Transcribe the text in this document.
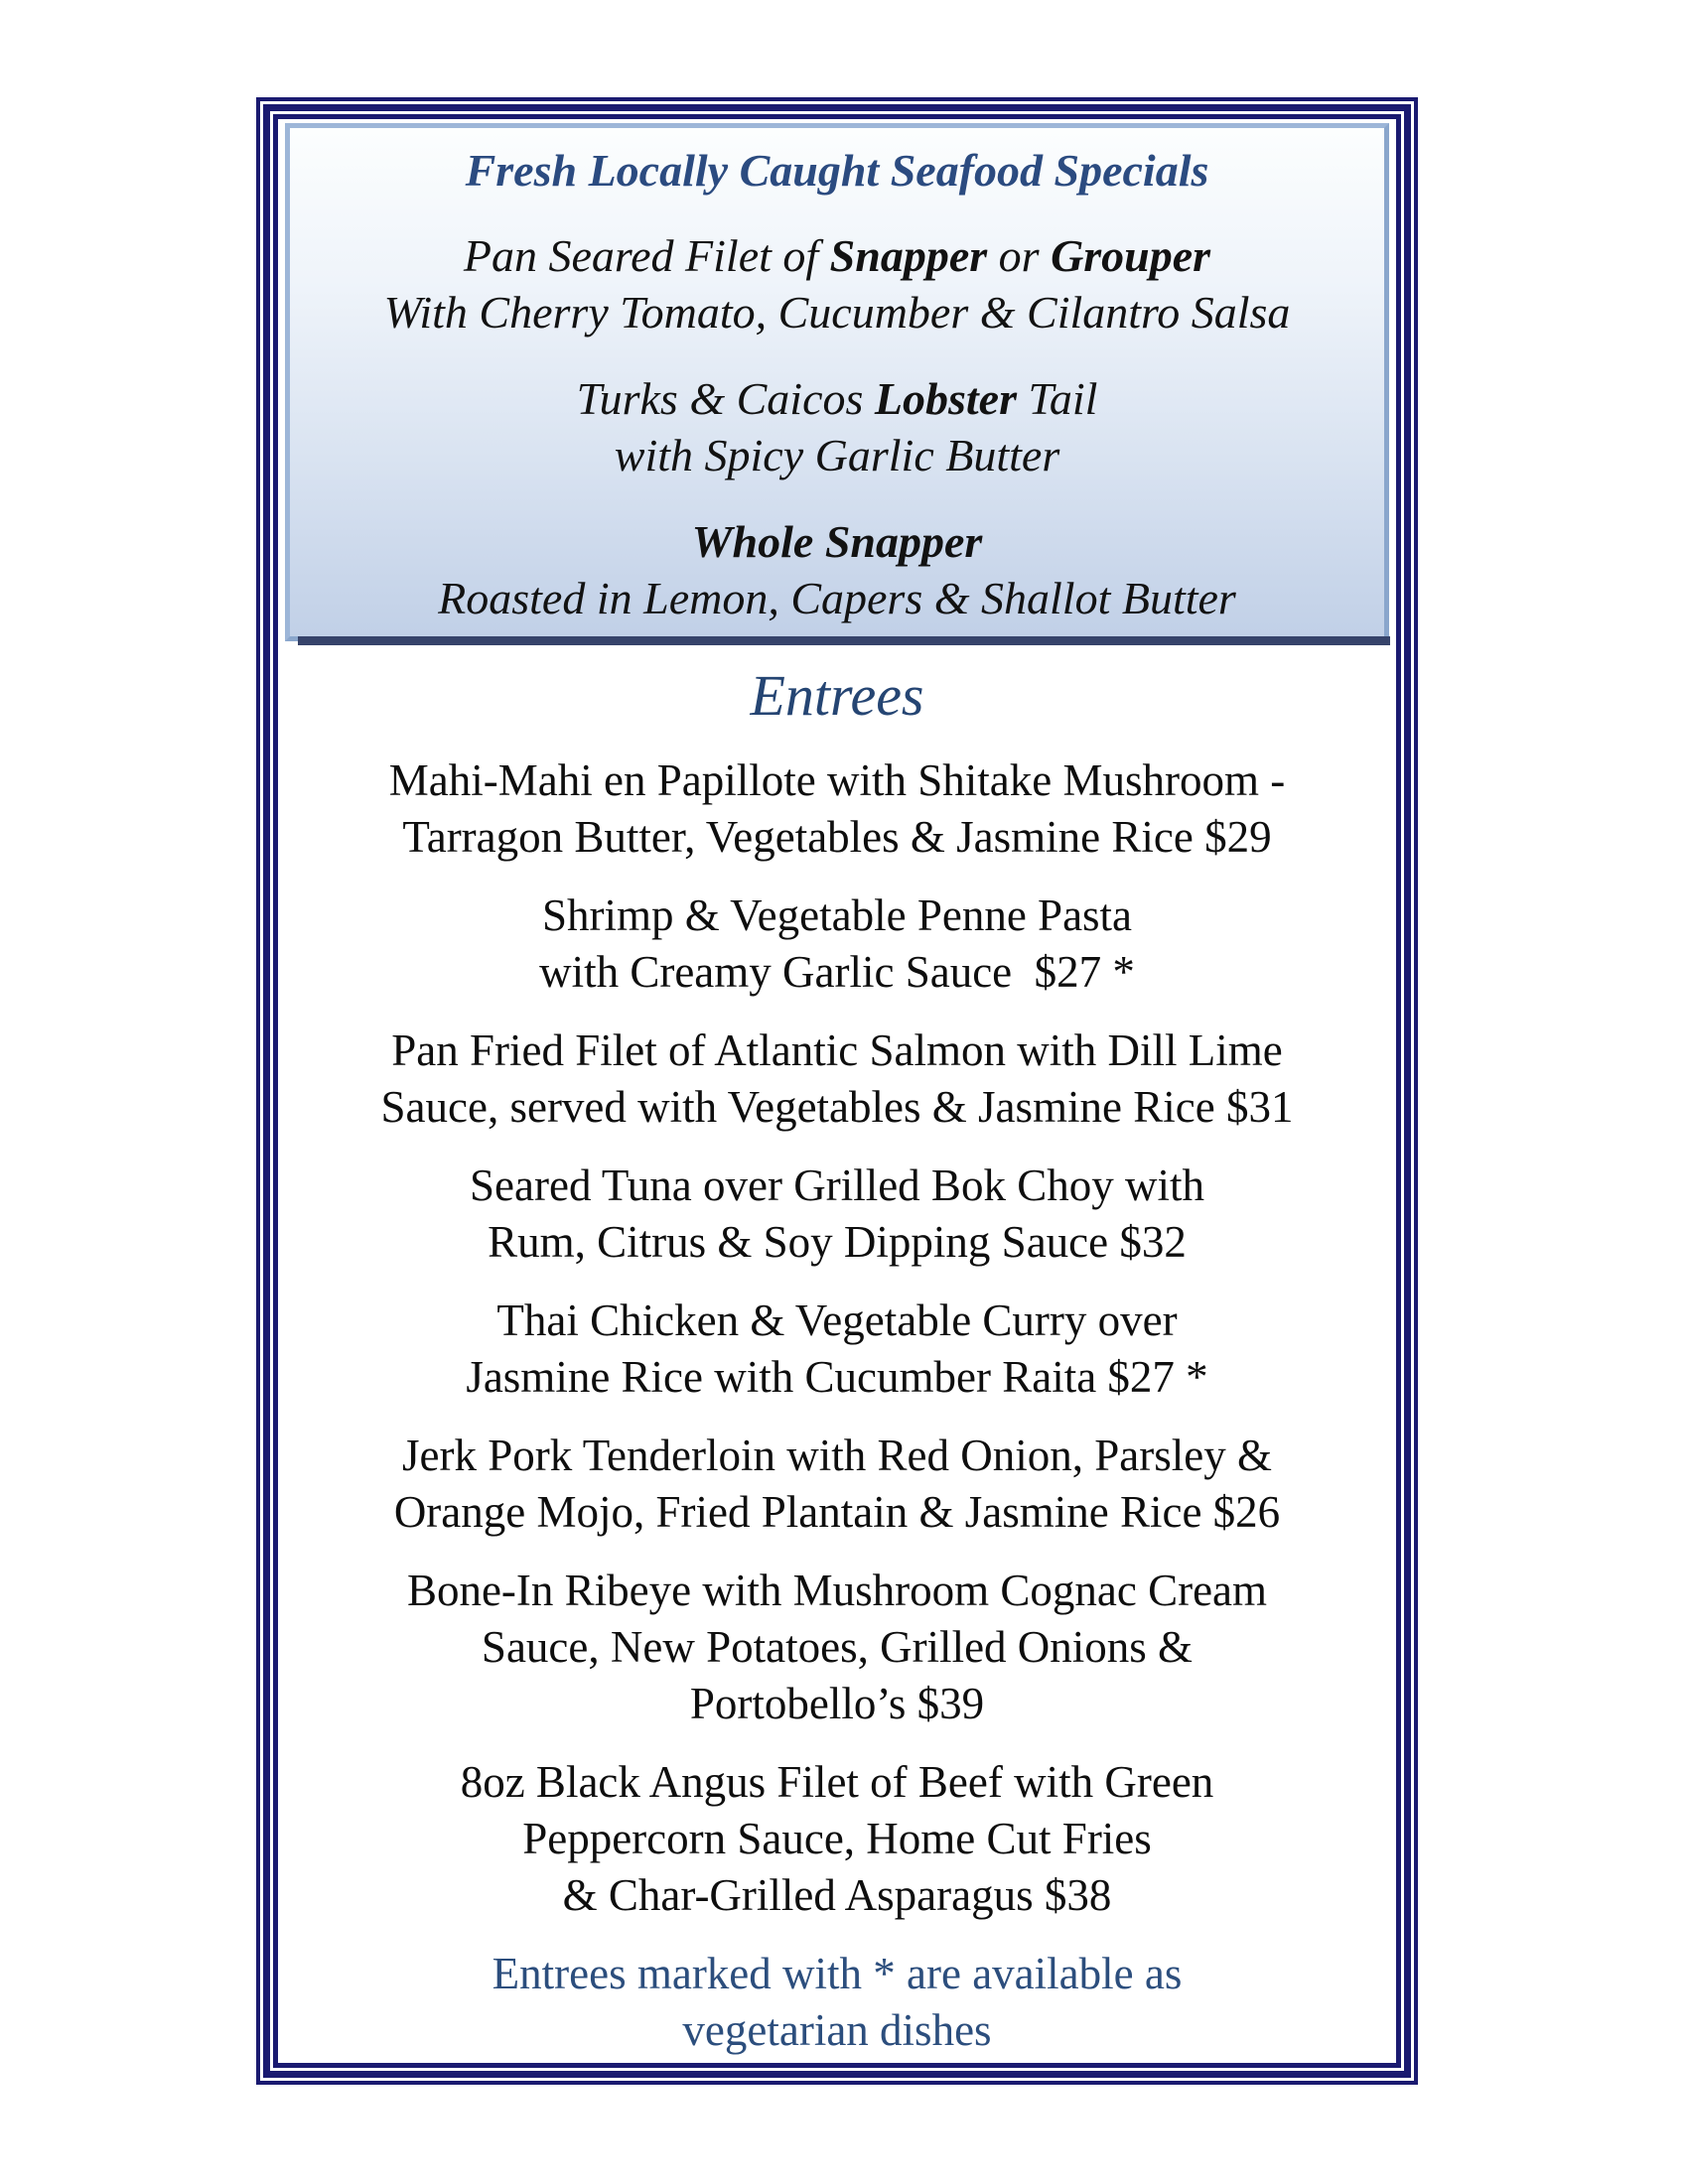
Fresh Locally Caught Seafood Specials
Pan Seared Filet of Snapper or Grouper
With Cherry Tomato, Cucumber & Cilantro Salsa
Turks & Caicos Lobster Tail
with Spicy Garlic Butter
Whole Snapper
Roasted in Lemon, Capers & Shallot Butter
Entrees
Mahi-Mahi en Papillote with Shitake Mushroom -
Tarragon Butter, Vegetables & Jasmine Rice $29
Shrimp & Vegetable Penne Pasta
with Creamy Garlic Sauce  $27 *
Pan Fried Filet of Atlantic Salmon with Dill Lime
Sauce, served with Vegetables & Jasmine Rice $31
Seared Tuna over Grilled Bok Choy with
Rum, Citrus & Soy Dipping Sauce $32
Thai Chicken & Vegetable Curry over
Jasmine Rice with Cucumber Raita $27 *
Jerk Pork Tenderloin with Red Onion, Parsley &
Orange Mojo, Fried Plantain & Jasmine Rice $26
Bone-In Ribeye with Mushroom Cognac Cream
Sauce, New Potatoes, Grilled Onions &
Portobello’s $39
8oz Black Angus Filet of Beef with Green
Peppercorn Sauce, Home Cut Fries
& Char-Grilled Asparagus $38
Entrees marked with * are available as
vegetarian dishes
